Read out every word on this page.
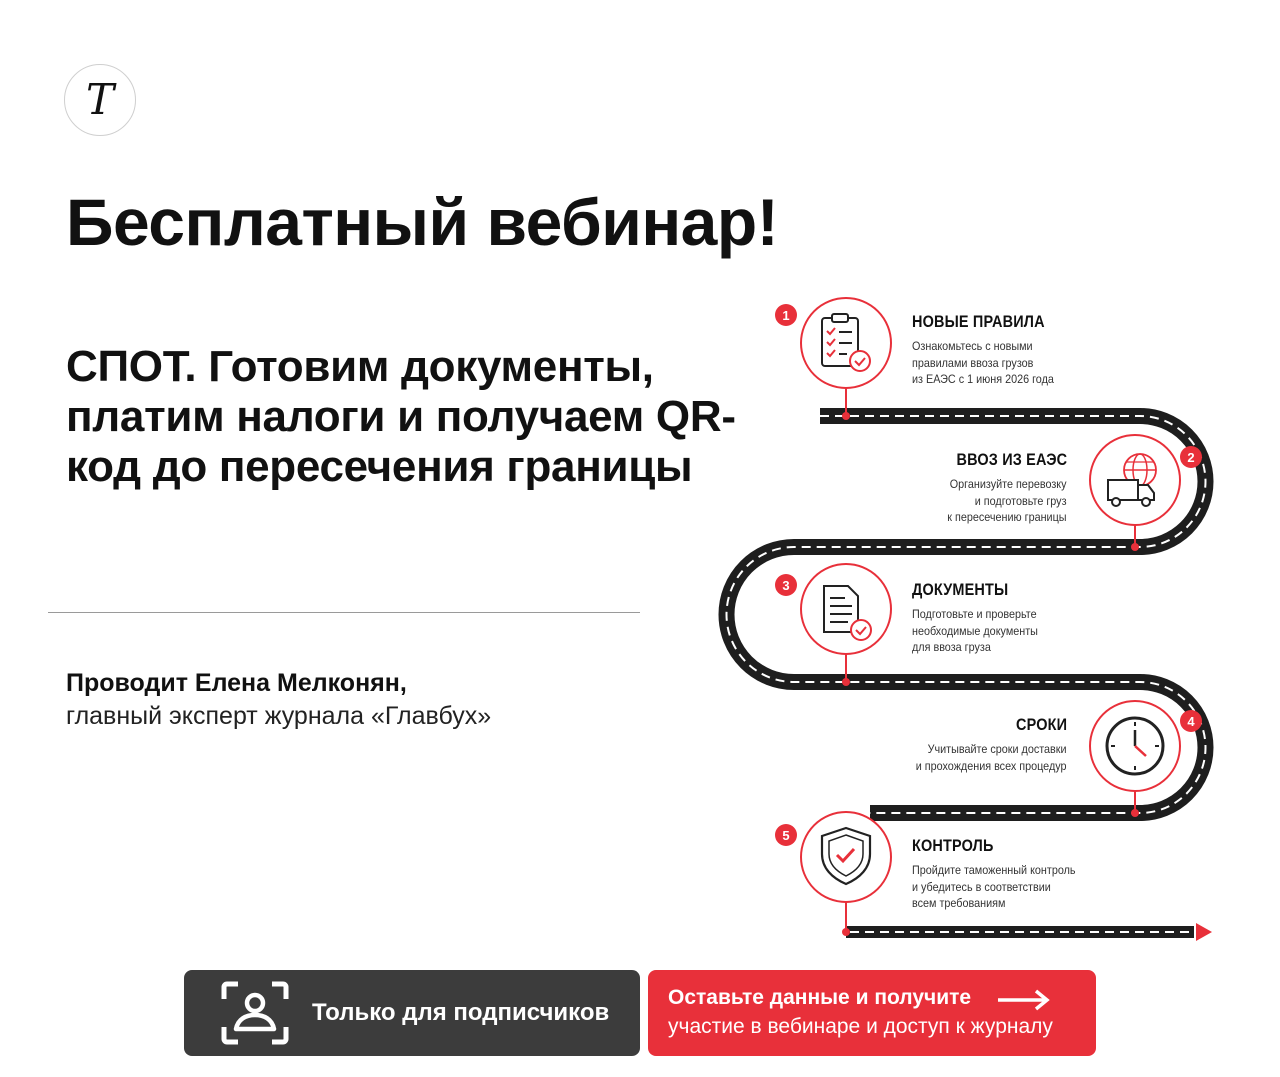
T
Бесплатный вебинар!
СПОТ. Готовим документы, платим налоги и получаем QR-код до пересечения границы
Проводит Елена Мелконян,
главный эксперт журнала «Главбух»
1
2
3
4
5
НОВЫЕ ПРАВИЛА
Ознакомьтесь с новыми
правилами ввоза грузов
из ЕАЭС с 1 июня 2026 года
ВВОЗ ИЗ ЕАЭС
Организуйте перевозку
и подготовьте груз
к пересечению границы
ДОКУМЕНТЫ
Подготовьте и проверьте
необходимые документы
для ввоза груза
СРОКИ
Учитывайте сроки доставки
и прохождения всех процедур
КОНТРОЛЬ
Пройдите таможенный контроль
и убедитесь в соответствии
всем требованиям
Только для подписчиков
Оставьте данные и получите
участие в вебинаре и доступ к журналу
